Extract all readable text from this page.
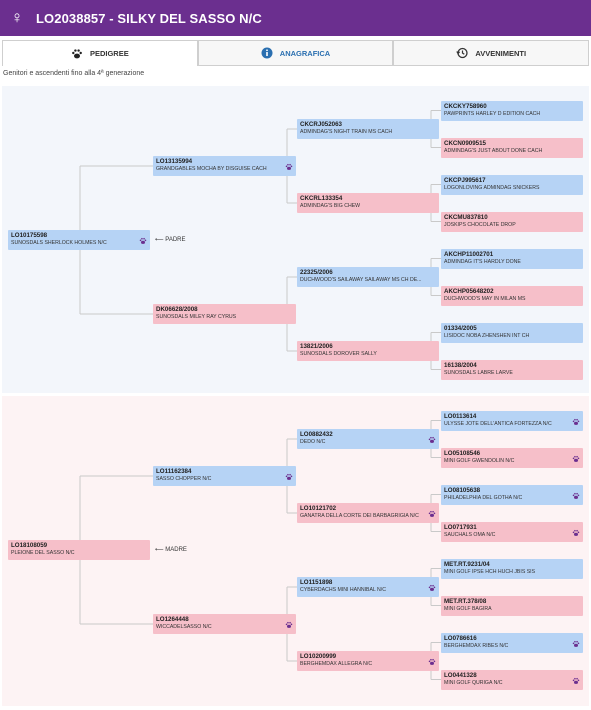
♀ LO2038857 - SILKY DEL SASSO N/C
PEDIGREE	ANAGRAFICA	AVVENIMENTI
Genitori e ascendenti fino alla 4ª generazione
LO10175598
SUNOSDALS SHERLOCK HOLMES N/C
LO13135994
GRANDGABLES MOCHA BY DISGUISE CACH
CKCRJ052063
ADMINDAG'S NIGHT TRAIN MS CACH
CKCKY758960
PAWPRINTS HARLEY D EDITION CACH
CKCN0909515
ADMINDAG'S JUST ABOUT DONE CACH
CKCRL133354
ADMINDAG'S BIG CHEW
CKCPJ995617
LOGONLOVING ADMINDAG SNICKERS
CKCMU837810
JOSKIPS CHOCOLATE DROP
DK06628/2008
SUNOSDALS MILEY RAY CYRUS
22325/2006
DUCHWOOD'S SAILAWAY SAILAWAY MS CH DE...
AKCHP11002701
ADMINDAG IT'S HARDLY DONE
AKCHP05648202
DUCHWOOD'S MAY IN MILAN MS
13821/2006
SUNOSDALS DOROVER SALLY
01334/2005
LISIDOC NOBA ZHENSHEN INT CH
16138/2004
SUNOSDALS LABRE LARVE
LO18108059
PLEIONE DEL SASSO N/C
LO11162384
SASSO CHOPPER N/C
LO0882432
DEDO N/C
LO0113614
ULYSSE JOTE DELL'ANTICA FORTEZZA N/C
LO05108546
MINI GOLF GWENDOLIN N/C
LO10121702
GANATRA DELLA CORTE DEI BARBAGRIGIA N/C
LO08105638
PHILADELPHIA DEL GOTHA N/C
LO0717931
SAUCHALS OMA N/C
LO1264448
WICCADELSASSO N/C
LO1151898
CYBERDACHS MINI HANNIBAL N/C
MET.RT.9231/04
MINI GOLF IPSE HCH HUCH JBIS SIS
MET.RT.378/08
MINI GOLF BAGIRA
LO10200999
BERGHEMDAX ALLEGRA N/C
LO0786616
BERGHEMDAX RIBES N/C
LO0441328
MINI GOLF QURIGA N/C
⟵ PADRE
⟵ MADRE
